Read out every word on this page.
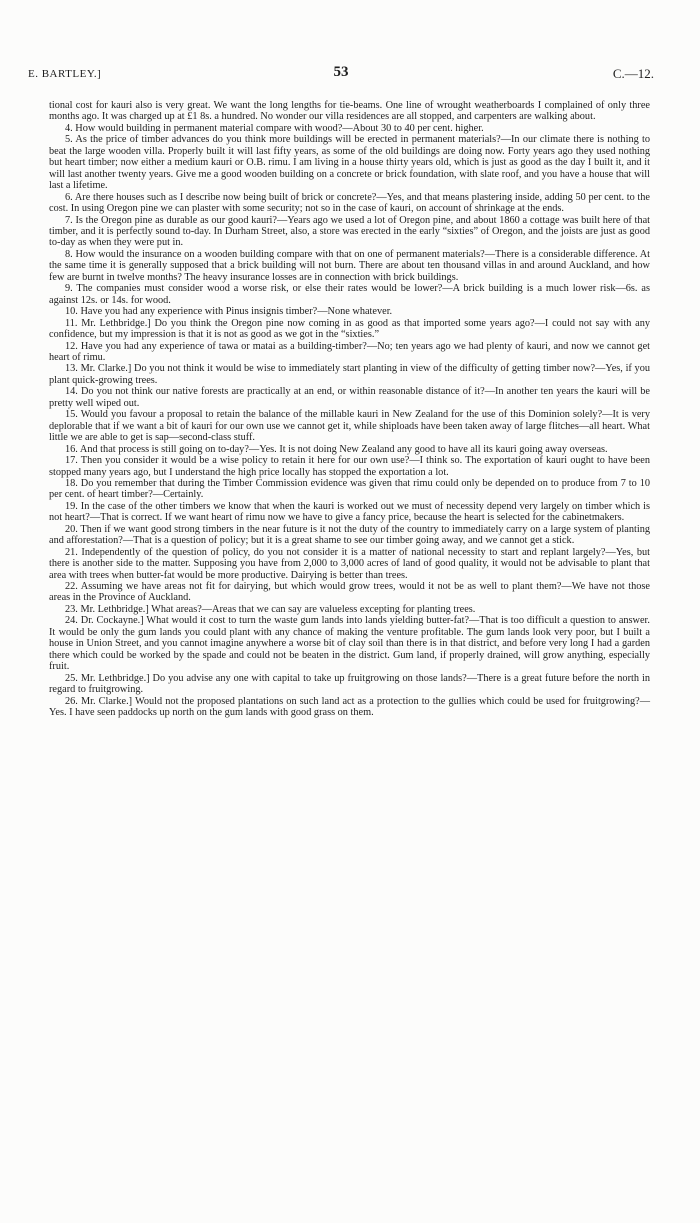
E. BARTLEY.]	53	C.—12.

tional cost for kauri also is very great. We want the long lengths for tie-beams. One line of wrought weatherboards I complained of only three months ago. It was charged up at £1 8s. a hundred. No wonder our villa residences are all stopped, and carpenters are walking about.

4. How would building in permanent material compare with wood?—About 30 to 40 per cent. higher.

5. As the price of timber advances do you think more buildings will be erected in permanent materials?—In our climate there is nothing to beat the large wooden villa. Properly built it will last fifty years, as some of the old buildings are doing now. Forty years ago they used nothing but heart timber; now either a medium kauri or O.B. rimu. I am living in a house thirty years old, which is just as good as the day I built it, and it will last another twenty years. Give me a good wooden building on a concrete or brick foundation, with slate roof, and you have a house that will last a lifetime.

6. Are there houses such as I describe now being built of brick or concrete?—Yes, and that means plastering inside, adding 50 per cent. to the cost. In using Oregon pine we can plaster with some security; not so in the case of kauri, on account of shrinkage at the ends.

7. Is the Oregon pine as durable as our good kauri?—Years ago we used a lot of Oregon pine, and about 1860 a cottage was built here of that timber, and it is perfectly sound to-day. In Durham Street, also, a store was erected in the early “sixties” of Oregon, and the joists are just as good to-day as when they were put in.

8. How would the insurance on a wooden building compare with that on one of permanent materials?—There is a considerable difference. At the same time it is generally supposed that a brick building will not burn. There are about ten thousand villas in and around Auckland, and how few are burnt in twelve months? The heavy insurance losses are in connection with brick buildings.

9. The companies must consider wood a worse risk, or else their rates would be lower?—A brick building is a much lower risk—6s. as against 12s. or 14s. for wood.

10. Have you had any experience with Pinus insignis timber?—None whatever.

11. Mr. Lethbridge.] Do you think the Oregon pine now coming in as good as that imported some years ago?—I could not say with any confidence, but my impression is that it is not as good as we got in the “sixties.”

12. Have you had any experience of tawa or matai as a building-timber?—No; ten years ago we had plenty of kauri, and now we cannot get heart of rimu.

13. Mr. Clarke.] Do you not think it would be wise to immediately start planting in view of the difficulty of getting timber now?—Yes, if you plant quick-growing trees.

14. Do you not think our native forests are practically at an end, or within reasonable distance of it?—In another ten years the kauri will be pretty well wiped out.

15. Would you favour a proposal to retain the balance of the millable kauri in New Zealand for the use of this Dominion solely?—It is very deplorable that if we want a bit of kauri for our own use we cannot get it, while shiploads have been taken away of large flitches—all heart. What little we are able to get is sap—second-class stuff.

16. And that process is still going on to-day?—Yes. It is not doing New Zealand any good to have all its kauri going away overseas.

17. Then you consider it would be a wise policy to retain it here for our own use?—I think so. The exportation of kauri ought to have been stopped many years ago, but I understand the high price locally has stopped the exportation a lot.

18. Do you remember that during the Timber Commission evidence was given that rimu could only be depended on to produce from 7 to 10 per cent. of heart timber?—Certainly.

19. In the case of the other timbers we know that when the kauri is worked out we must of necessity depend very largely on timber which is not heart?—That is correct. If we want heart of rimu now we have to give a fancy price, because the heart is selected for the cabinetmakers.

20. Then if we want good strong timbers in the near future is it not the duty of the country to immediately carry on a large system of planting and afforestation?—That is a question of policy; but it is a great shame to see our timber going away, and we cannot get a stick.

21. Independently of the question of policy, do you not consider it is a matter of national necessity to start and replant largely?—Yes, but there is another side to the matter. Supposing you have from 2,000 to 3,000 acres of land of good quality, it would not be advisable to plant that area with trees when butter-fat would be more productive. Dairying is better than trees.

22. Assuming we have areas not fit for dairying, but which would grow trees, would it not be as well to plant them?—We have not those areas in the Province of Auckland.

23. Mr. Lethbridge.] What areas?—Areas that we can say are valueless excepting for planting trees.

24. Dr. Cockayne.] What would it cost to turn the waste gum lands into lands yielding butter-fat?—That is too difficult a question to answer. It would be only the gum lands you could plant with any chance of making the venture profitable. The gum lands look very poor, but I built a house in Union Street, and you cannot imagine anywhere a worse bit of clay soil than there is in that district, and before very long I had a garden there which could be worked by the spade and could not be beaten in the district. Gum land, if properly drained, will grow anything, especially fruit.

25. Mr. Lethbridge.] Do you advise any one with capital to take up fruitgrowing on those lands?—There is a great future before the north in regard to fruitgrowing.

26. Mr. Clarke.] Would not the proposed plantations on such land act as a protection to the gullies which could be used for fruitgrowing?—Yes. I have seen paddocks up north on the gum lands with good grass on them.
